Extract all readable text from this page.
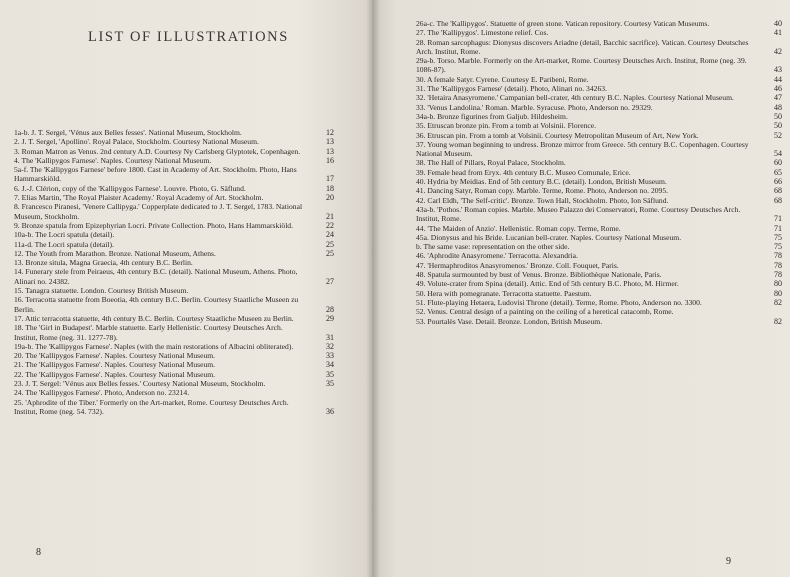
LIST OF ILLUSTRATIONS
1a-b. J. T. Sergel, 'Vénus aux Belles fesses'. National Museum, Stockholm.	12
2. J. T. Sergel, 'Apollino'. Royal Palace, Stockholm. Courtesy National Museum.	13
3. Roman Matron as Venus. 2nd century A.D. Courtesy Ny Carlsberg Glyptotek, Copenhagen.	13
4. The 'Kallipygos Farnese'. Naples. Courtesy National Museum.	16
5a-f. The 'Kallipygos Farnese' before 1800. Cast in Academy of Art. Stockholm. Photo, Hans Hammarskiöld.	17
6. J.-J. Clérion, copy of the 'Kallipygos Farnese'. Louvre. Photo, G. Säflund.	18
7. Elias Martin, 'The Royal Plaister Academy.' Royal Academy of Art. Stockholm.	20
8. Francesco Piranesi, 'Venere Callipyga.' Copperplate dedicated to J. T. Sergel, 1783. National Museum, Stockholm.	21
9. Bronze spatula from Epizephyrian Locri. Private Collection. Photo, Hans Hammarskiöld.	22
10a-b. The Locri spatula (detail).	24
11a-d. The Locri spatula (detail).	25
12. The Youth from Marathon. Bronze. National Museum, Athens.	25
13. Bronze situla, Magna Graecia, 4th century B.C. Berlin.
14. Funerary stele from Peiraeus, 4th century B.C. (detail). National Museum, Athens. Photo, Alinari no. 24382.	27
15. Tanagra statuette. London. Courtesy British Museum.
16. Terracotta statuette from Boeotia, 4th century B.C. Berlin. Courtesy Staatliche Museen zu Berlin.	28
17. Attic terracotta statuette, 4th century B.C. Berlin. Courtesy Staatliche Museen zu Berlin.	29
18. The 'Girl in Budapest'. Marble statuette. Early Hellenistic. Courtesy Deutsches Arch. Institut, Rome (neg. 31. 1277-78).	31
19a-b. The 'Kallipygos Farnese'. Naples (with the main restorations of Albacini obliterated).	32
20. The 'Kallipygos Farnese'. Naples. Courtesy National Museum.	33
21. The 'Kallipygos Farnese'. Naples. Courtesy National Museum.	34
22. The 'Kallipygos Farnese'. Naples. Courtesy National Museum.	35
23. J. T. Sergel: 'Vénus aux Belles fesses.' Courtesy National Museum, Stockholm.	35
24. The 'Kallipygos Farnese'. Photo, Anderson no. 23214.
25. 'Aphrodite of the Tiber.' Formerly on the Art-market, Rome. Courtesy Deutsches Arch. Institut, Rome (neg. 54. 732).	36
8
26a-c. The 'Kallipygos'. Statuette of green stone. Vatican repository. Courtesy Vatican Museums.	40
27. The 'Kallipygos'. Limestone relief. Cos.	41
28. Roman sarcophagus: Dionysus discovers Ariadne (detail, Bacchic sacrifice). Vatican. Courtesy Deutsches Arch. Institut, Rome.	42
29a-b. Torso. Marble. Formerly on the Art-market, Rome. Courtesy Deutsches Arch. Institut, Rome (neg. 39. 1086-87).	43
30. A female Satyr. Cyrene. Courtesy E. Paribeni, Rome.	44
31. The 'Kallipygos Farnese' (detail). Photo, Alinari no. 34263.	46
32. 'Hetaira Anasyromene.' Campanian bell-crater, 4th century B.C. Naples. Courtesy National Museum.	47
33. 'Venus Landolina.' Roman. Marble. Syracuse. Photo, Anderson no. 29329.	48
34a-b. Bronze figurines from Galjub. Hildesheim.	50
35. Etruscan bronze pin. From a tomb at Volsinii. Florence.	50
36. Etruscan pin. From a tomb at Volsinii. Courtesy Metropolitan Museum of Art, New York.	52
37. Young woman beginning to undress. Bronze mirror from Greece. 5th century B.C. Copenhagen. Courtesy National Museum.	54
38. The Hall of Pillars, Royal Palace, Stockholm.	60
39. Female head from Eryx. 4th century B.C. Museo Comunale, Erice.	65
40. Hydria by Meidias. End of 5th century B.C. (detail). London, British Museum.	66
41. Dancing Satyr, Roman copy. Marble. Terme, Rome. Photo, Anderson no. 2095.	68
42. Carl Eldh, 'The Self-critic'. Bronze. Town Hall, Stockholm. Photo, Ion Säflund.	68
43a-b. 'Pothos.' Roman copies. Marble. Museo Palazzo dei Conservatori, Rome. Courtesy Deutsches Arch. Institut, Rome.	71
44. 'The Maiden of Anzio'. Hellenistic. Roman copy. Terme, Rome.	71
45a. Dionysus and his Bride. Lucanian bell-crater. Naples. Courtesy National Museum.	75
b. The same vase: representation on the other side.	75
46. 'Aphrodite Anasyromene.' Terracotta. Alexandria.	78
47. 'Hermaphroditos Anasyromenos.' Bronze. Coll. Fouquet, Paris.	78
48. Spatula surmounted by bust of Venus. Bronze. Bibliothèque Nationale, Paris.	78
49. Volute-crater from Spina (detail). Attic. End of 5th century B.C. Photo, M. Hirmer.	80
50. Hera with pomegranate. Terracotta statuette. Paestum.	80
51. Flute-playing Hetaera, Ludovisi Throne (detail). Terme, Rome. Photo, Anderson no. 3300.	82
52. Venus. Central design of a painting on the ceiling of a heretical catacomb, Rome.
53. Pourtalès Vase. Detail. Bronze. London, British Museum.	82
9
